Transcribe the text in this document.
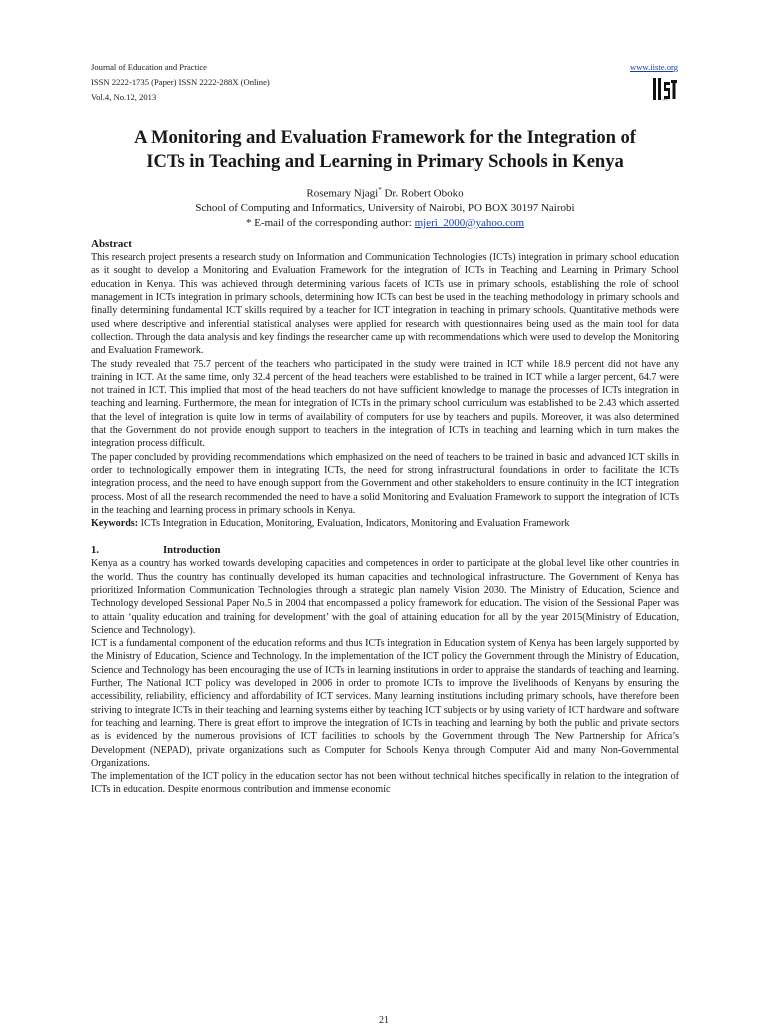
Journal of Education and Practice
ISSN 2222-1735 (Paper) ISSN 2222-288X (Online)
Vol.4, No.12, 2013
www.iiste.org
IISTE
A Monitoring and Evaluation Framework for the Integration of
ICTs in Teaching and Learning in Primary Schools in Kenya
Rosemary Njagi* Dr. Robert Oboko
School of Computing and Informatics, University of Nairobi, PO BOX 30197 Nairobi
* E-mail of the corresponding author: mjeri_2000@yahoo.com
Abstract

This research project presents a research study on Information and Communication Technologies (ICTs) integration in primary school education as it sought to develop a Monitoring and Evaluation Framework for the integration of ICTs in Teaching and Learning in Primary School education in Kenya. This was achieved through determining various facets of ICTs use in primary schools, establishing the role of school management in ICTs integration in primary schools, determining how ICTs can best be used in the teaching methodology in primary schools and finally determining fundamental ICT skills required by a teacher for ICT integration in teaching in primary schools. Quantitative methods were used where descriptive and inferential statistical analyses were applied for research with questionnaires being used as the main tool for data collection. Through the data analysis and key findings the researcher came up with recommendations which were used to develop the Monitoring and Evaluation Framework.

The study revealed that 75.7 percent of the teachers who participated in the study were trained in ICT while 18.9 percent did not have any training in ICT. At the same time, only 32.4 percent of the head teachers were established to be trained in ICT while a larger percent, 64.7 were not trained in ICT. This implied that most of the head teachers do not have sufficient knowledge to manage the processes of ICTs integration in teaching and learning. Furthermore, the mean for integration of ICTs in the primary school curriculum was established to be 2.43 which asserted that the level of integration is quite low in terms of availability of computers for use by teachers and pupils. Moreover, it was also determined that the Government do not provide enough support to teachers in the integration of ICTs in teaching and learning which in turn makes the integration process difficult.

The paper concluded by providing recommendations which emphasized on the need of teachers to be trained in basic and advanced ICT skills in order to technologically empower them in integrating ICTs, the need for strong infrastructural foundations in order to facilitate the ICTs integration process, and the need to have enough support from the Government and other stakeholders to ensure continuity in the ICT integration process. Most of all the research recommended the need to have a solid Monitoring and Evaluation Framework to support the integration of ICTs in the teaching and learning process in primary schools in Kenya.

Keywords: ICTs Integration in Education, Monitoring, Evaluation, Indicators, Monitoring and Evaluation Framework

1.	Introduction

Kenya as a country has worked towards developing capacities and competences in order to participate at the global level like other countries in the world. Thus the country has continually developed its human capacities and technological infrastructure. The Government of Kenya has prioritized Information Communication Technologies through a strategic plan namely Vision 2030. The Ministry of Education, Science and Technology developed Sessional Paper No.5 in 2004 that encompassed a policy framework for education. The vision of the Sessional Paper was to attain ‘quality education and training for development’ with the goal of attaining education for all by the year 2015(Ministry of Education, Science and Technology).

ICT is a fundamental component of the education reforms and thus ICTs integration in Education system of Kenya has been largely supported by the Ministry of Education, Science and Technology. In the implementation of the ICT policy the Government through the Ministry of Education, Science and Technology has been encouraging the use of ICTs in learning institutions in order to appraise the standards of teaching and learning. Further, The National ICT policy was developed in 2006 in order to promote ICTs to improve the livelihoods of Kenyans by ensuring the accessibility, reliability, efficiency and affordability of ICT services. Many learning institutions including primary schools, have therefore been striving to integrate ICTs in their teaching and learning systems either by teaching ICT subjects or by using variety of ICT hardware and software for teaching and learning. There is great effort to improve the integration of ICTs in teaching and learning by both the public and private sectors as is evidenced by the numerous provisions of ICT facilities to schools by the Government through The New Partnership for Africa’s Development (NEPAD), private organizations such as Computer for Schools Kenya through Computer Aid and many Non-Governmental Organizations.

The implementation of the ICT policy in the education sector has not been without technical hitches specifically in relation to the integration of ICTs in education. Despite enormous contribution and immense economic

21
